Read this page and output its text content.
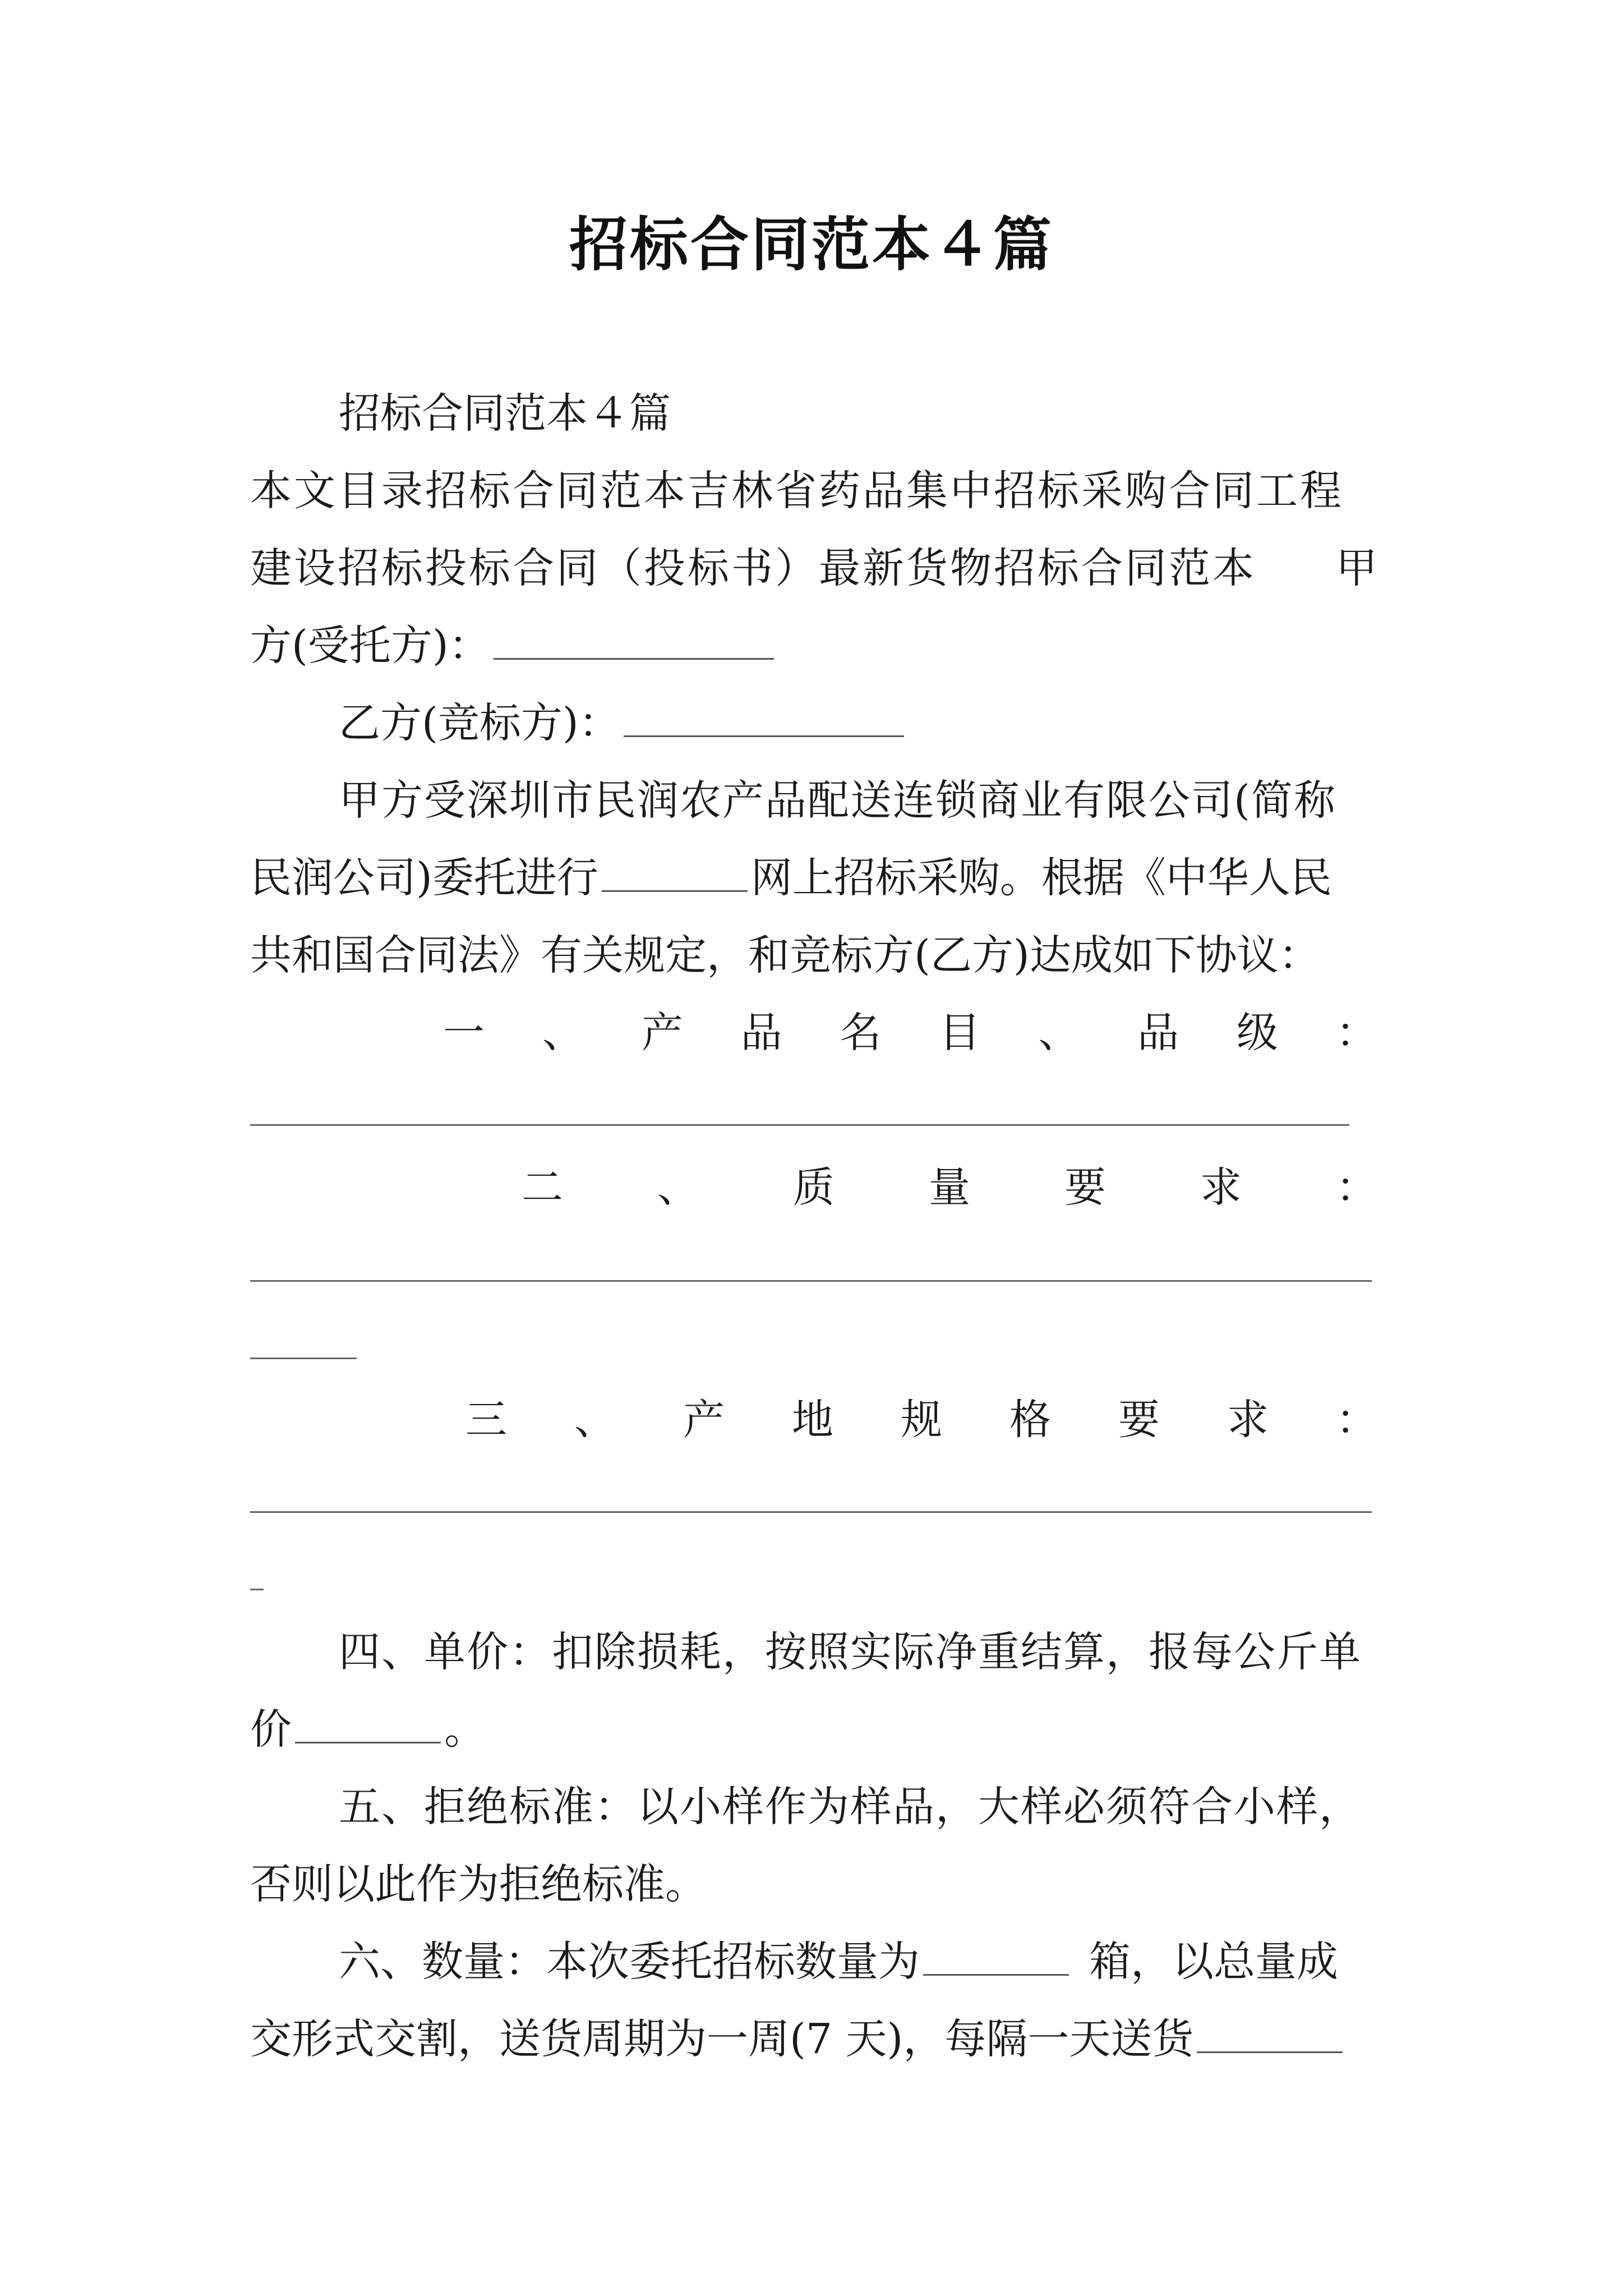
招标合同范本４篇
招标合同范本４篇
本文目录招标合同范本吉林省药品集中招标采购合同工程
建设招标投标合同（投标书）最新货物招标合同范本 甲
方(受托方)：
乙方(竞标方)：
甲方受深圳市民润农产品配送连锁商业有限公司(简称
民润公司)委托进行	网上招标采购。根据《中华人民
共和国合同法》有关规定，和竞标方(乙方)达成如下协议：
一 、 产 品 名 目 、 品 级 ：
二 、 质 量 要 求 ：
三 、 产 地 规 格 要 求 ：
四、单价：扣除损耗，按照实际净重结算，报每公斤单
价	。
五、拒绝标准：以小样作为样品，大样必须符合小样，
否则以此作为拒绝标准。
六、数量：本次委托招标数量为	箱，以总量成
交形式交割，送货周期为一周(7 天)，每隔一天送货
